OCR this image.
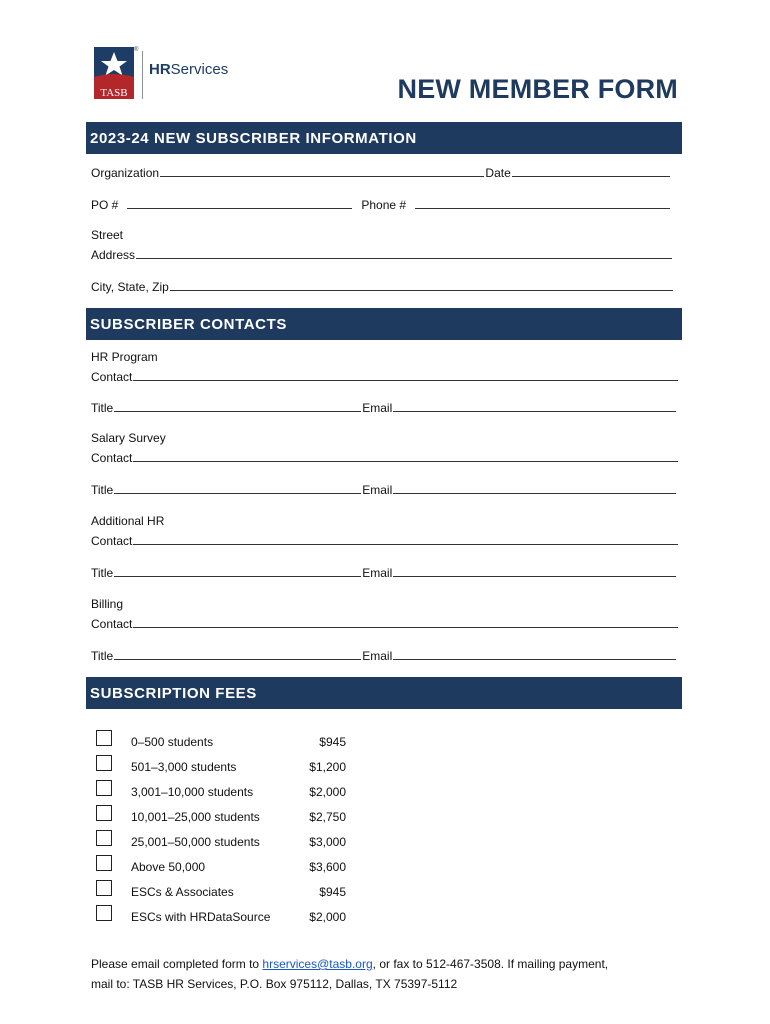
TASB
®
HRServices
NEW MEMBER FORM
2023-24 NEW SUBSCRIBER INFORMATION
Organization	Date
PO #	Phone #
Street
Address
City, State, Zip
SUBSCRIBER CONTACTS
HR Program
Contact
Title	Email
Salary Survey
Contact
Title	Email
Additional HR
Contact
Title	Email
Billing
Contact
Title	Email
SUBSCRIPTION FEES
0–500 students	$945
501–3,000 students	$1,200
3,001–10,000 students	$2,000
10,001–25,000 students	$2,750
25,001–50,000 students	$3,000
Above 50,000	$3,600
ESCs & Associates	$945
ESCs with HRDataSource	$2,000
Please email completed form to hrservices@tasb.org, or fax to 512-467-3508. If mailing payment,
mail to: TASB HR Services, P.O. Box 975112, Dallas, TX 75397-5112
